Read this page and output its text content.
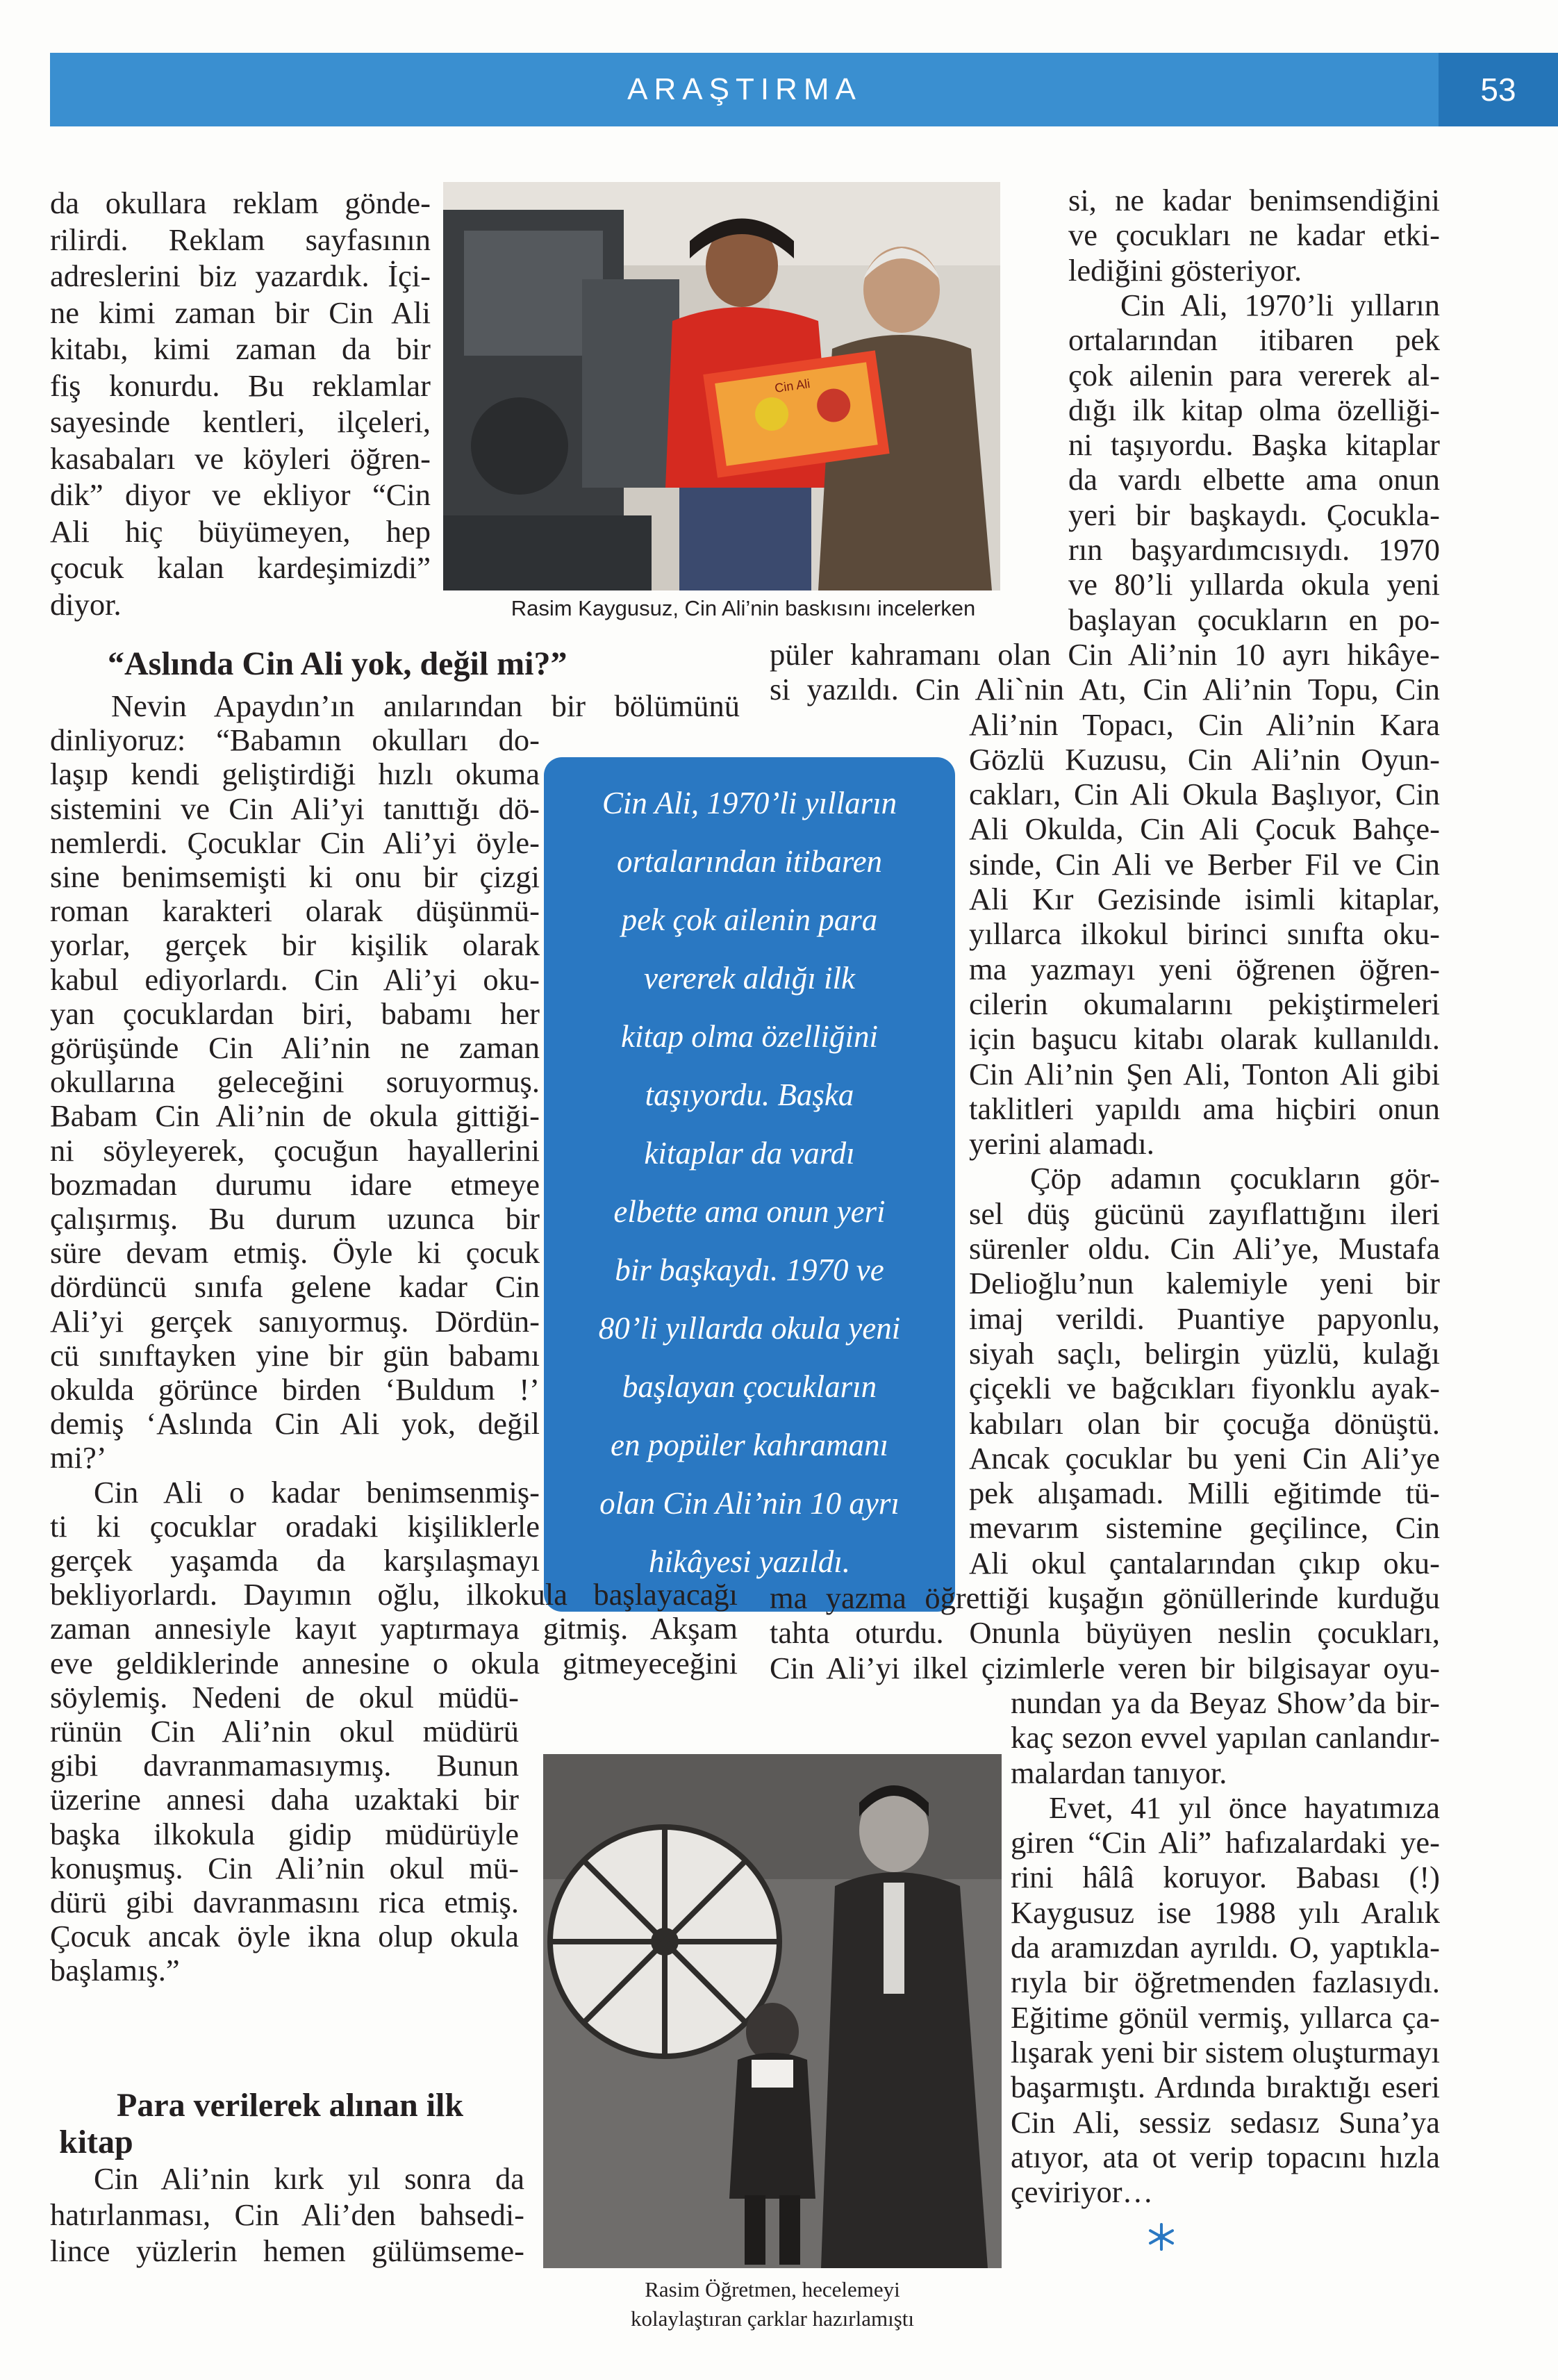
ARAŞTIRMA	53
Cin Ali
Rasim Kaygusuz, Cin Ali’nin baskısını incelerken
Rasim Öğretmen, hecelemeyi
kolaylaştıran çarklar hazırlamıştı
Cin Ali, 1970’li yılların
ortalarından itibaren
pek çok ailenin para
vererek aldığı ilk
kitap olma özelliğini
taşıyordu. Başka
kitaplar da vardı
elbette ama onun yeri
bir başkaydı. 1970 ve
80’li yıllarda okula yeni
başlayan çocukların
en popüler kahramanı
olan Cin Ali’nin 10 ayrı
hikâyesi yazıldı.
da okullara reklam gönde-
rilirdi. Reklam sayfasının
adreslerini biz yazardık. İçi-
ne kimi zaman bir Cin Ali
kitabı, kimi zaman da bir
fiş konurdu. Bu reklamlar
sayesinde kentleri, ilçeleri,
kasabaları ve köyleri öğren-
dik” diyor ve ekliyor “Cin
Ali hiç büyümeyen, hep
çocuk kalan kardeşimizdi”
diyor.
“Aslında Cin Ali yok, değil mi?”
Nevin Apaydın’ın anılarından bir bölümünü
dinliyoruz: “Babamın okulları do-
laşıp kendi geliştirdiği hızlı okuma
sistemini ve Cin Ali’yi tanıttığı dö-
nemlerdi. Çocuklar Cin Ali’yi öyle-
sine benimsemişti ki onu bir çizgi
roman karakteri olarak düşünmü-
yorlar, gerçek bir kişilik olarak
kabul ediyorlardı. Cin Ali’yi oku-
yan çocuklardan biri, babamı her
görüşünde Cin Ali’nin ne zaman
okullarına geleceğini soruyormuş.
Babam Cin Ali’nin de okula gittiği-
ni söyleyerek, çocuğun hayallerini
bozmadan durumu idare etmeye
çalışırmış. Bu durum uzunca bir
süre devam etmiş. Öyle ki çocuk
dördüncü sınıfa gelene kadar Cin
Ali’yi gerçek sanıyormuş. Dördün-
cü sınıftayken yine bir gün babamı
okulda görünce birden ‘Buldum !’
demiş ‘Aslında Cin Ali yok, değil
mi?’
Cin Ali o kadar benimsenmiş-
ti ki çocuklar oradaki kişiliklerle
gerçek yaşamda da karşılaşmayı
bekliyorlardı. Dayımın oğlu, ilkokula başlayacağı
zaman annesiyle kayıt yaptırmaya gitmiş. Akşam
eve geldiklerinde annesine o okula gitmeyeceğini
söylemiş. Nedeni de okul müdü-
rünün Cin Ali’nin okul müdürü
gibi davranmamasıymış. Bunun
üzerine annesi daha uzaktaki bir
başka ilkokula gidip müdürüyle
konuşmuş. Cin Ali’nin okul mü-
dürü gibi davranmasını rica etmiş.
Çocuk ancak öyle ikna olup okula
başlamış.”
Para verilerek alınan ilk
kitap
Cin Ali’nin kırk yıl sonra da
hatırlanması, Cin Ali’den bahsedi-
lince yüzlerin hemen gülümseme-
si, ne kadar benimsendiğini
ve çocukları ne kadar etki-
lediğini gösteriyor.
Cin Ali, 1970’li yılların
ortalarından itibaren pek
çok ailenin para vererek al-
dığı ilk kitap olma özelliği-
ni taşıyordu. Başka kitaplar
da vardı elbette ama onun
yeri bir başkaydı. Çocukla-
rın başyardımcısıydı. 1970
ve 80’li yıllarda okula yeni
başlayan çocukların en po-
püler kahramanı olan Cin Ali’nin 10 ayrı hikâye-
si yazıldı. Cin Ali`nin Atı, Cin Ali’nin Topu, Cin
Ali’nin Topacı, Cin Ali’nin Kara
Gözlü Kuzusu, Cin Ali’nin Oyun-
cakları, Cin Ali Okula Başlıyor, Cin
Ali Okulda, Cin Ali Çocuk Bahçe-
sinde, Cin Ali ve Berber Fil ve Cin
Ali Kır Gezisinde isimli kitaplar,
yıllarca ilkokul birinci sınıfta oku-
ma yazmayı yeni öğrenen öğren-
cilerin okumalarını pekiştirmeleri
için başucu kitabı olarak kullanıldı.
Cin Ali’nin Şen Ali, Tonton Ali gibi
taklitleri yapıldı ama hiçbiri onun
yerini alamadı.
Çöp adamın çocukların gör-
sel düş gücünü zayıflattığını ileri
sürenler oldu. Cin Ali’ye, Mustafa
Delioğlu’nun kalemiyle yeni bir
imaj verildi. Puantiye papyonlu,
siyah saçlı, belirgin yüzlü, kulağı
çiçekli ve bağcıkları fiyonklu ayak-
kabıları olan bir çocuğa dönüştü.
Ancak çocuklar bu yeni Cin Ali’ye
pek alışamadı. Milli eğitimde tü-
mevarım sistemine geçilince, Cin
Ali okul çantalarından çıkıp oku-
ma yazma öğrettiği kuşağın gönüllerinde kurduğu
tahta oturdu. Onunla büyüyen neslin çocukları,
Cin Ali’yi ilkel çizimlerle veren bir bilgisayar oyu-
nundan ya da Beyaz Show’da bir-
kaç sezon evvel yapılan canlandır-
malardan tanıyor.
Evet, 41 yıl önce hayatımıza
giren “Cin Ali” hafızalardaki ye-
rini hâlâ koruyor. Babası (!)
Kaygusuz ise 1988 yılı Aralık
da aramızdan ayrıldı. O, yaptıkla-
rıyla bir öğretmenden fazlasıydı.
Eğitime gönül vermiş, yıllarca ça-
lışarak yeni bir sistem oluşturmayı
başarmıştı. Ardında bıraktığı eseri
Cin Ali, sessiz sedasız Suna’ya
atıyor, ata ot verip topacını hızla
çeviriyor…
